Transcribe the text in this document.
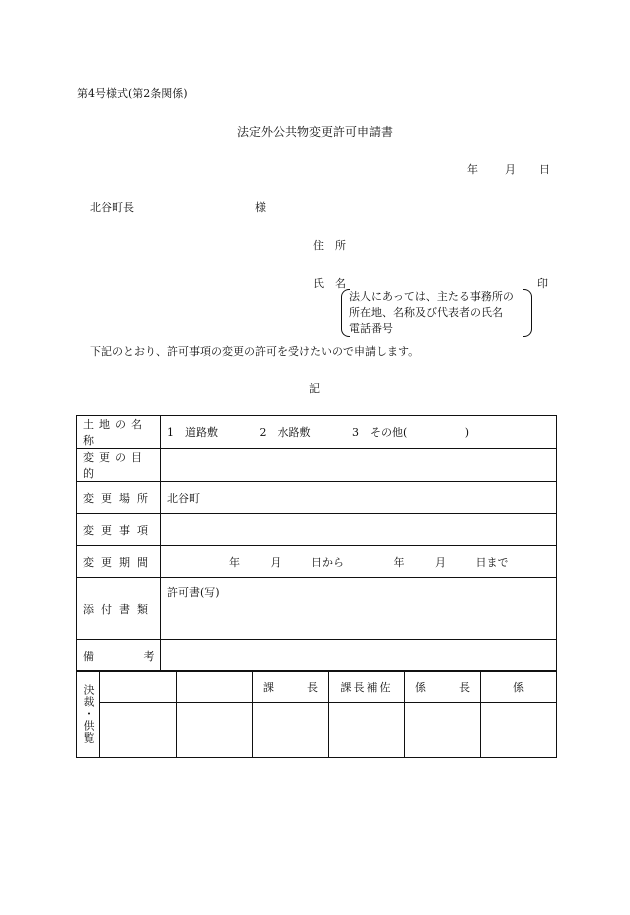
第4号様式(第2条関係)
法定外公共物変更許可申請書
年 月 日
北谷町長	様
住　所
氏　名	印
法人にあっては、主たる事務所の
所在地、名称及び代表者の氏名
電話番号
下記のとおり、許可事項の変更の許可を受けたいので申請します。
記
土地の名称	1　道路敷 2　水路敷 3　その他( )
変更の目的	
変更場所	北谷町
変更事項	
変更期間	年 月 日から 年 月 日まで
添付書類	許可書(写)
備 考	
決裁・供覧			課　　　長	課長補佐	係　　　長	係
